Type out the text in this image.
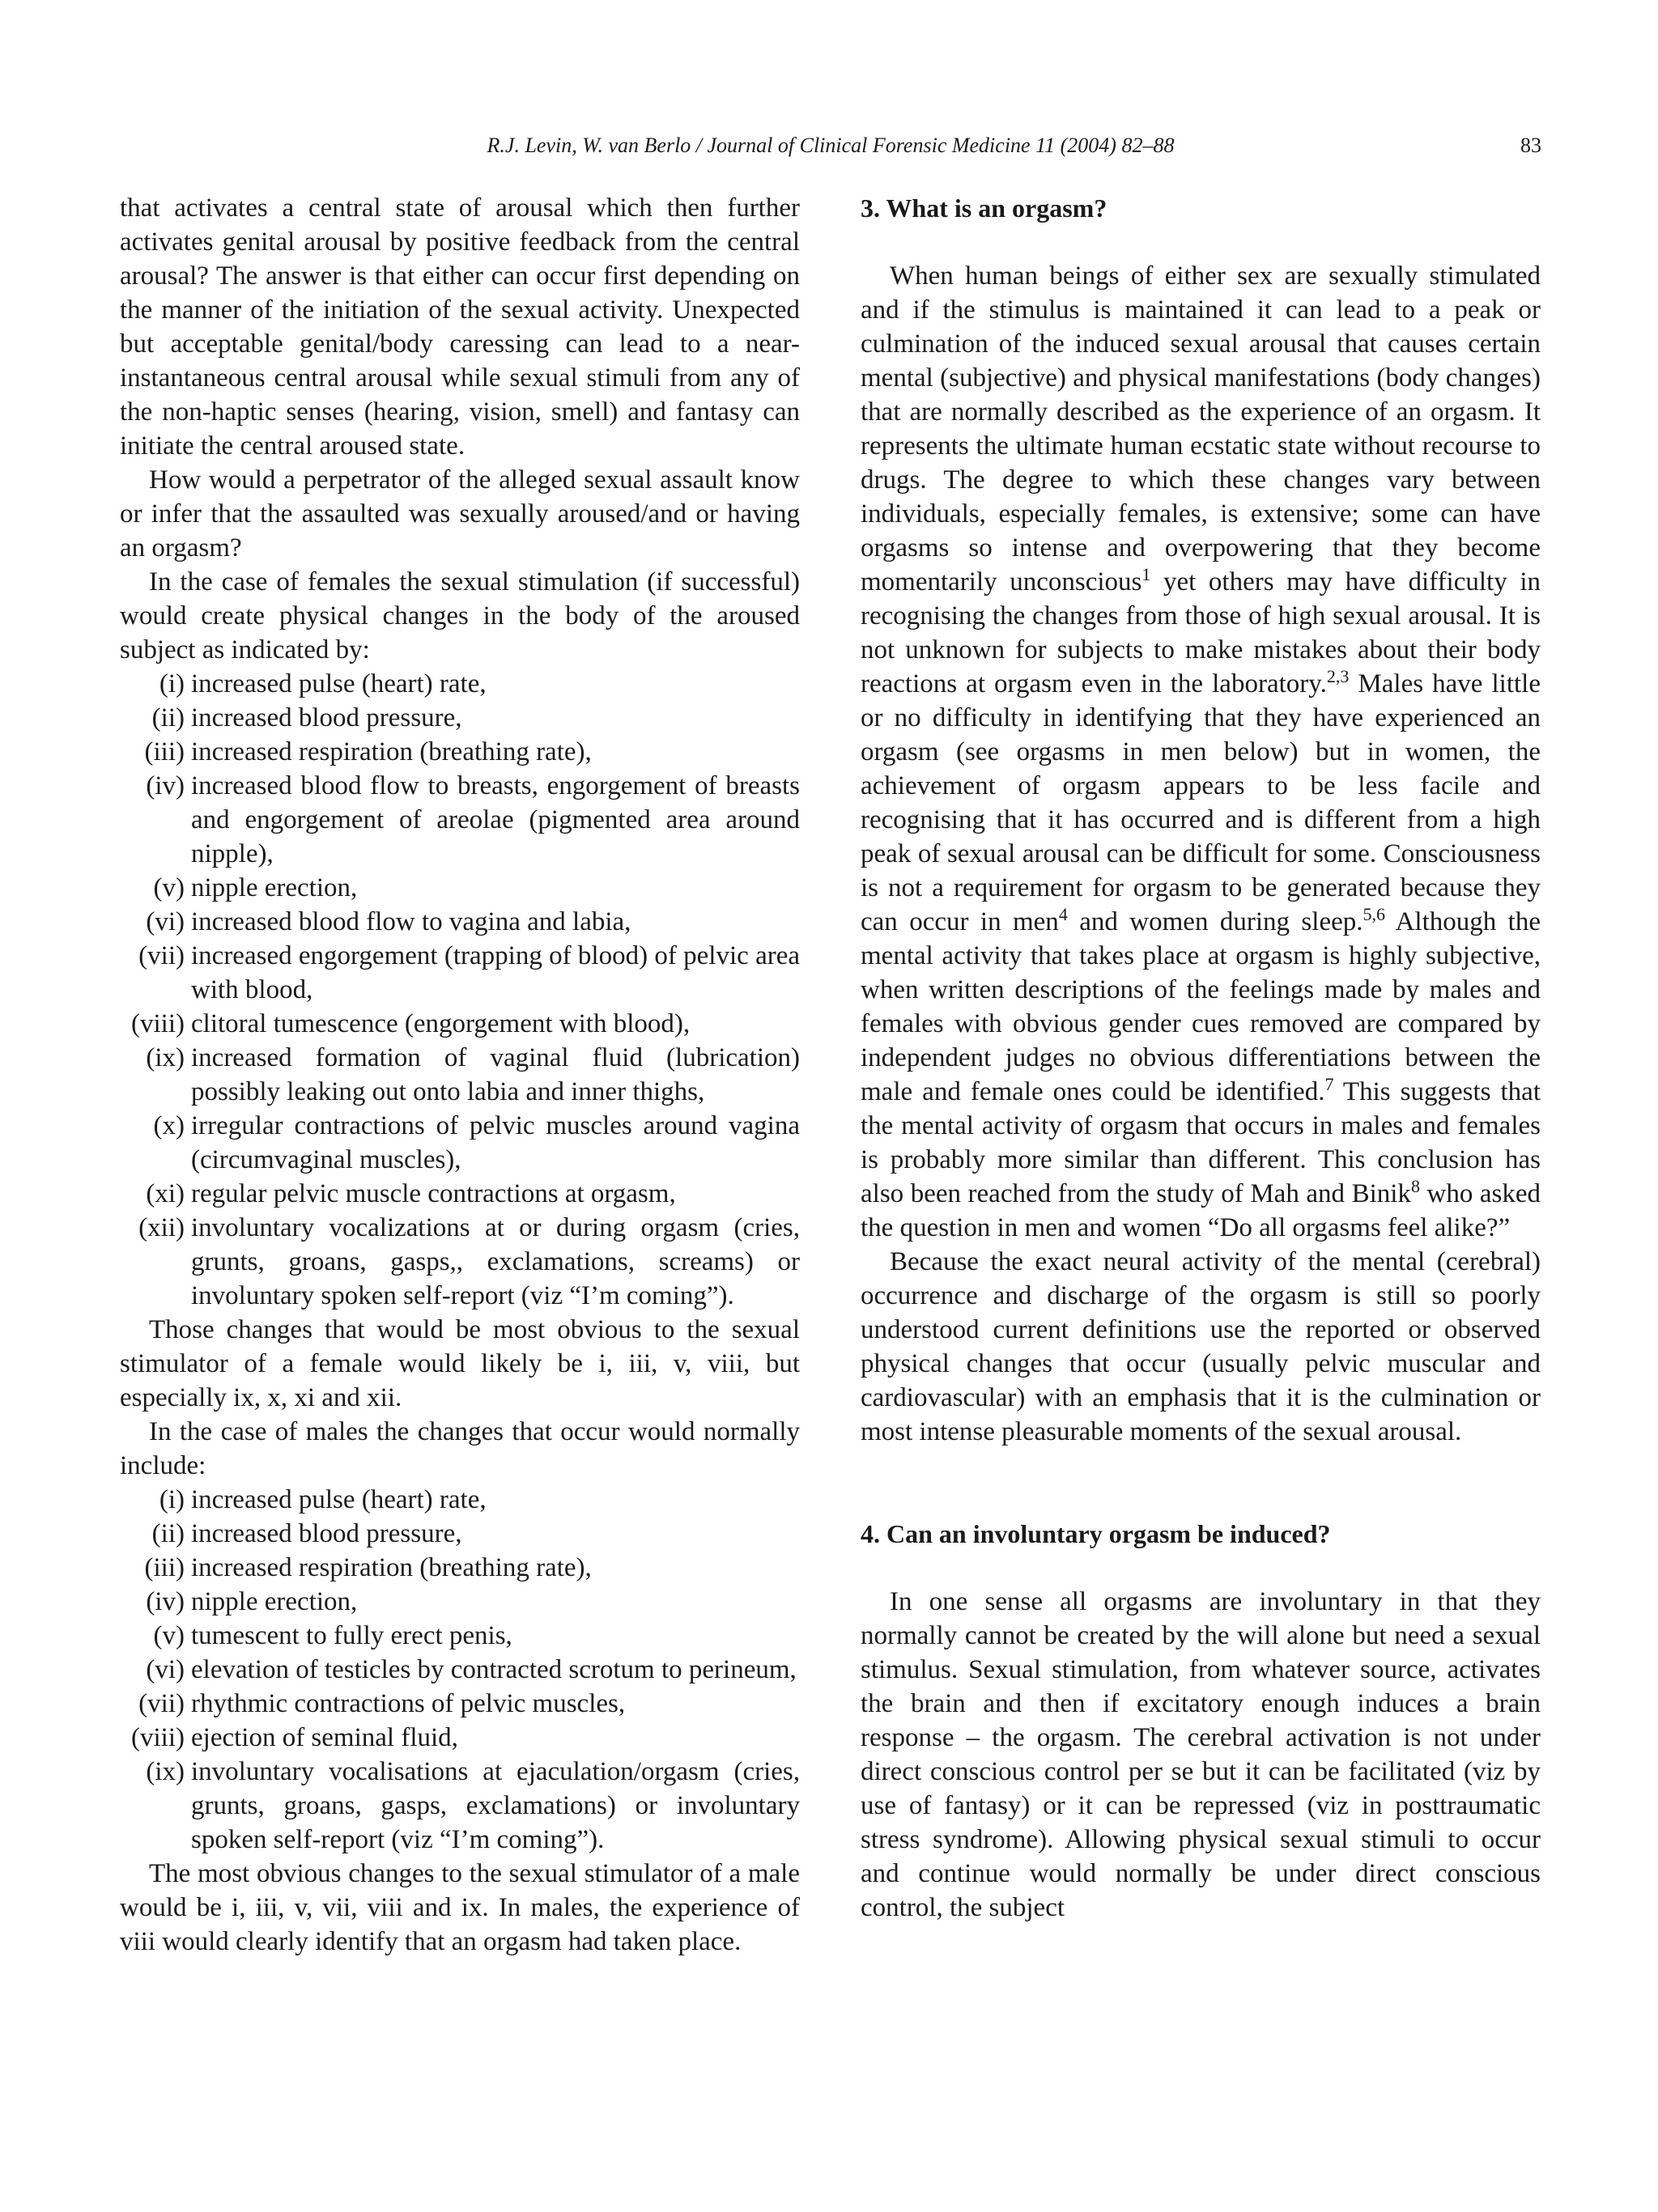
R.J. Levin, W. van Berlo / Journal of Clinical Forensic Medicine 11 (2004) 82–88	83

that activates a central state of arousal which then further activates genital arousal by positive feedback from the central arousal? The answer is that either can occur first depending on the manner of the initiation of the sexual activity. Unexpected but acceptable genital/body caressing can lead to a near-instantaneous central arousal while sexual stimuli from any of the non-haptic senses (hearing, vision, smell) and fantasy can initiate the central aroused state.

How would a perpetrator of the alleged sexual assault know or infer that the assaulted was sexually aroused/and or having an orgasm?

In the case of females the sexual stimulation (if successful) would create physical changes in the body of the aroused subject as indicated by:

(i) increased pulse (heart) rate,
(ii) increased blood pressure,
(iii) increased respiration (breathing rate),
(iv) increased blood flow to breasts, engorgement of breasts and engorgement of areolae (pigmented area around nipple),
(v) nipple erection,
(vi) increased blood flow to vagina and labia,
(vii) increased engorgement (trapping of blood) of pelvic area with blood,
(viii) clitoral tumescence (engorgement with blood),
(ix) increased formation of vaginal fluid (lubrication) possibly leaking out onto labia and inner thighs,
(x) irregular contractions of pelvic muscles around vagina (circumvaginal muscles),
(xi) regular pelvic muscle contractions at orgasm,
(xii) involuntary vocalizations at or during orgasm (cries, grunts, groans, gasps,, exclamations, screams) or involuntary spoken self-report (viz “I’m coming”).

Those changes that would be most obvious to the sexual stimulator of a female would likely be i, iii, v, viii, but especially ix, x, xi and xii.

In the case of males the changes that occur would normally include:

(i) increased pulse (heart) rate,
(ii) increased blood pressure,
(iii) increased respiration (breathing rate),
(iv) nipple erection,
(v) tumescent to fully erect penis,
(vi) elevation of testicles by contracted scrotum to perineum,
(vii) rhythmic contractions of pelvic muscles,
(viii) ejection of seminal fluid,
(ix) involuntary vocalisations at ejaculation/orgasm (cries, grunts, groans, gasps, exclamations) or involuntary spoken self-report (viz “I’m coming”).

The most obvious changes to the sexual stimulator of a male would be i, iii, v, vii, viii and ix. In males, the experience of viii would clearly identify that an orgasm had taken place.

3. What is an orgasm?

When human beings of either sex are sexually stimulated and if the stimulus is maintained it can lead to a peak or culmination of the induced sexual arousal that causes certain mental (subjective) and physical manifestations (body changes) that are normally described as the experience of an orgasm. It represents the ultimate human ecstatic state without recourse to drugs. The degree to which these changes vary between individuals, especially females, is extensive; some can have orgasms so intense and overpowering that they become momentarily unconscious$^1$ yet others may have difficulty in recognising the changes from those of high sexual arousal. It is not unknown for subjects to make mistakes about their body reactions at orgasm even in the laboratory.$^{2,3}$ Males have little or no difficulty in identifying that they have experienced an orgasm (see orgasms in men below) but in women, the achievement of orgasm appears to be less facile and recognising that it has occurred and is different from a high peak of sexual arousal can be difficult for some. Consciousness is not a requirement for orgasm to be generated because they can occur in men$^4$ and women during sleep.$^{5,6}$ Although the mental activity that takes place at orgasm is highly subjective, when written descriptions of the feelings made by males and females with obvious gender cues removed are compared by independent judges no obvious differentiations between the male and female ones could be identified.$^7$ This suggests that the mental activity of orgasm that occurs in males and females is probably more similar than different. This conclusion has also been reached from the study of Mah and Binik$^8$ who asked the question in men and women “Do all orgasms feel alike?”

Because the exact neural activity of the mental (cerebral) occurrence and discharge of the orgasm is still so poorly understood current definitions use the reported or observed physical changes that occur (usually pelvic muscular and cardiovascular) with an emphasis that it is the culmination or most intense pleasurable moments of the sexual arousal.

4. Can an involuntary orgasm be induced?

In one sense all orgasms are involuntary in that they normally cannot be created by the will alone but need a sexual stimulus. Sexual stimulation, from whatever source, activates the brain and then if excitatory enough induces a brain response – the orgasm. The cerebral activation is not under direct conscious control per se but it can be facilitated (viz by use of fantasy) or it can be repressed (viz in posttraumatic stress syndrome). Allowing physical sexual stimuli to occur and continue would normally be under direct conscious control, the subject
